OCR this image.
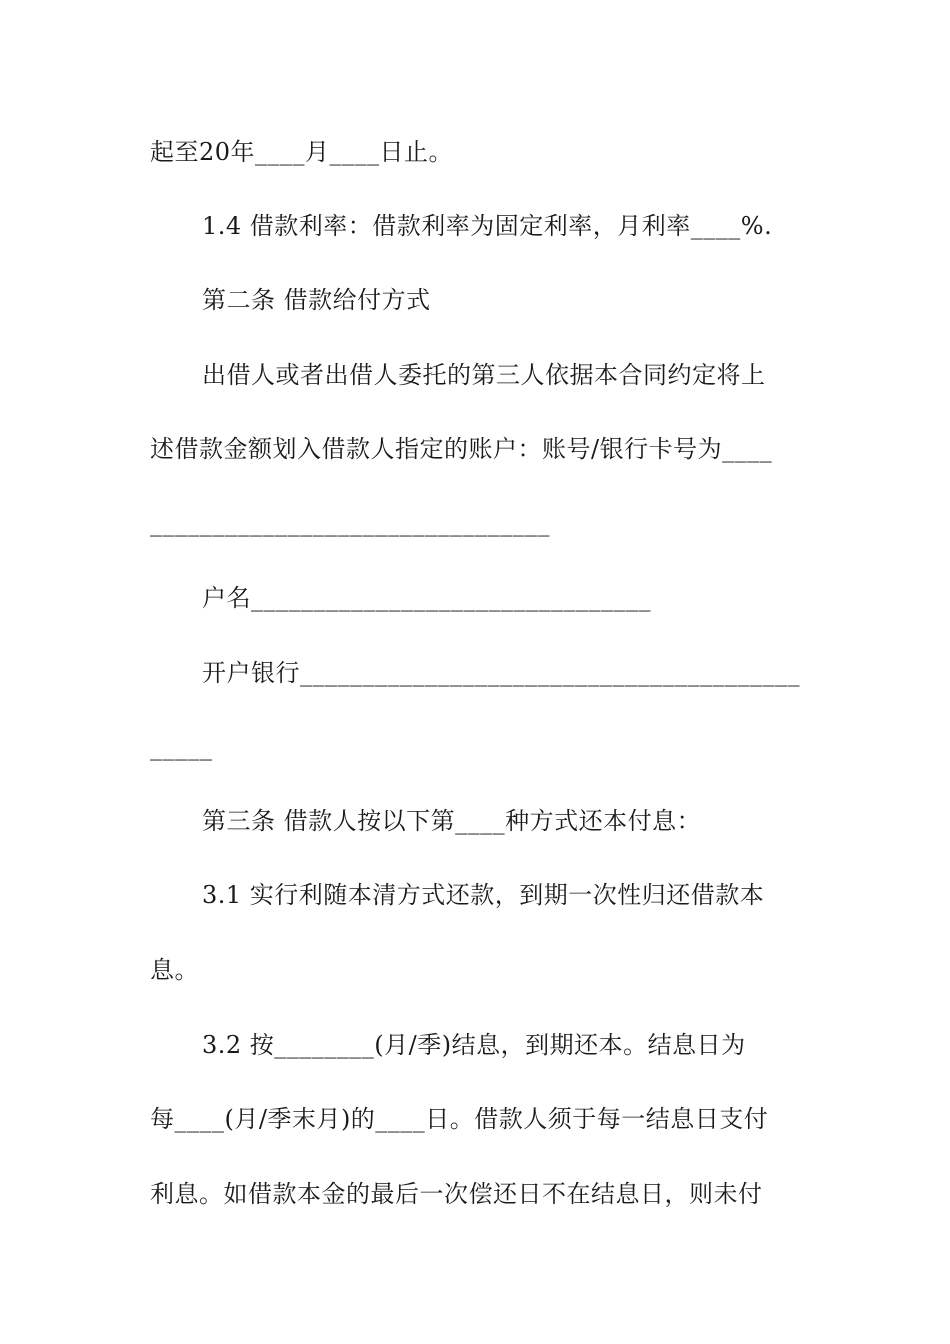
起至20年____月____日止。
1.4 借款利率：借款利率为固定利率，月利率____%.
第二条 借款给付方式
出借人或者出借人委托的第三人依据本合同约定将上
述借款金额划入借款人指定的账户：账号/银行卡号为____
________________________________
户名________________________________
开户银行________________________________________
_____
第三条 借款人按以下第____种方式还本付息：
3.1 实行利随本清方式还款，到期一次性归还借款本
息。
3.2 按________(月/季)结息，到期还本。结息日为
每____(月/季末月)的____日。借款人须于每一结息日支付
利息。如借款本金的最后一次偿还日不在结息日，则未付
